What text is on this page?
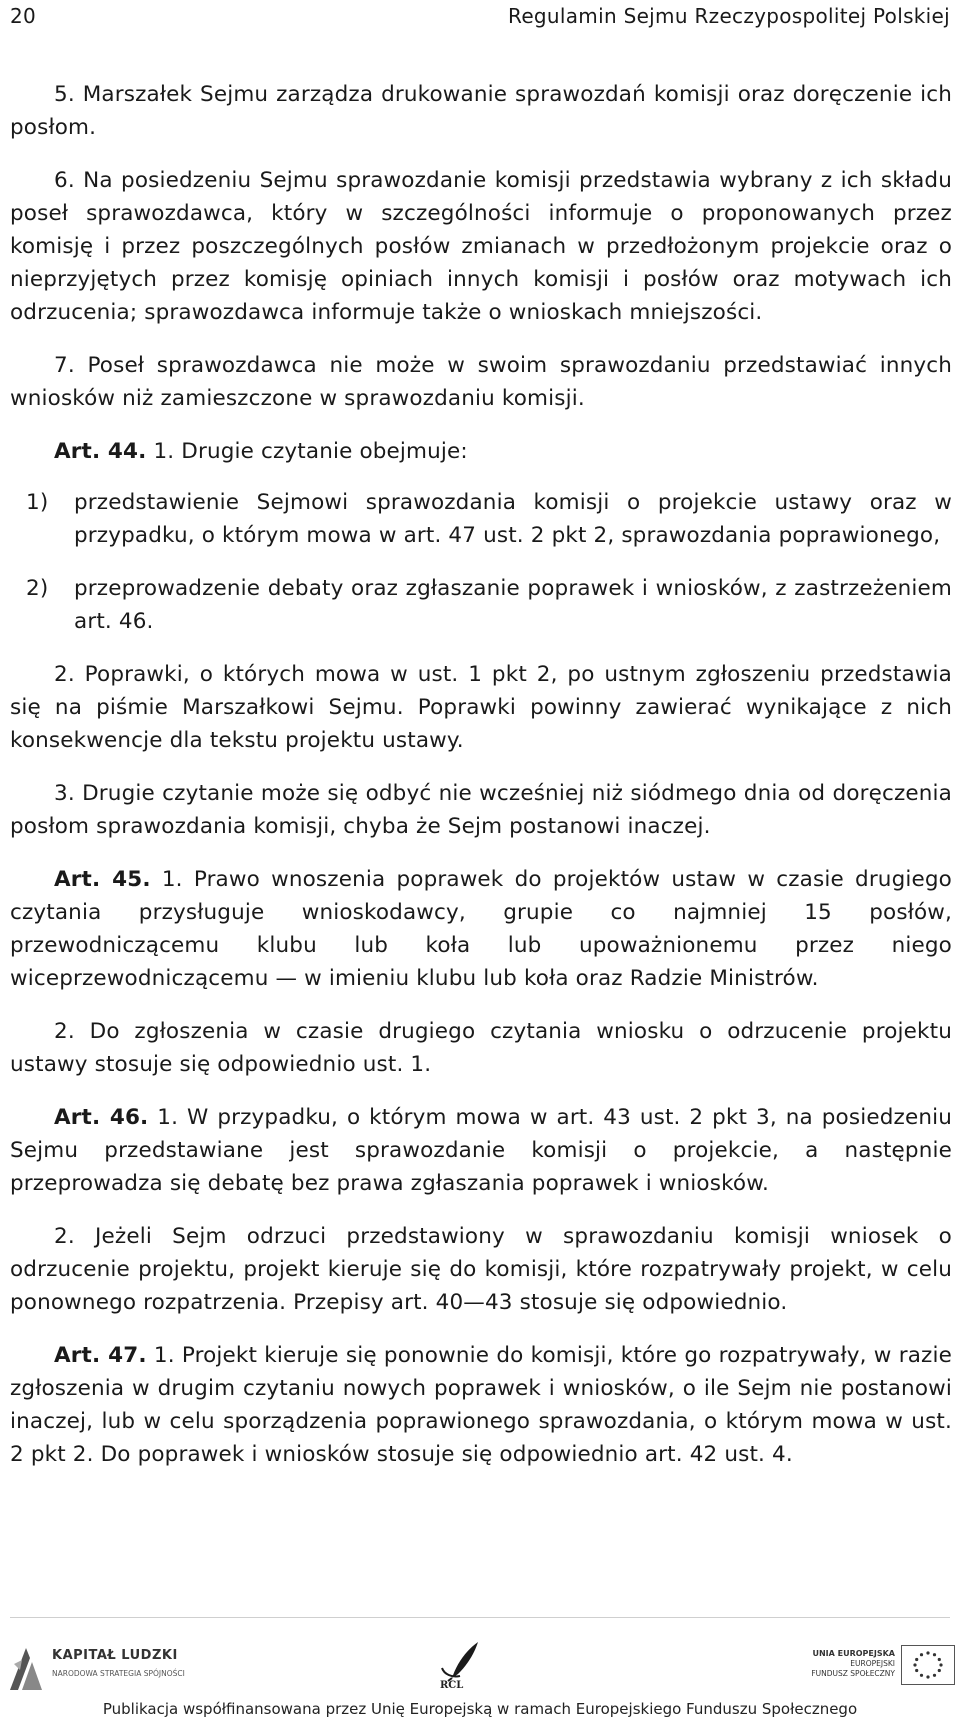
20	Regulamin Sejmu Rzeczypospolitej Polskiej

5. Marszałek Sejmu zarządza drukowanie sprawozdań komisji oraz doręczenie ich posłom.

6. Na posiedzeniu Sejmu sprawozdanie komisji przedstawia wybrany z ich składu poseł sprawozdawca, który w szczególności informuje o proponowanych przez komisję i przez poszczególnych posłów zmianach w przedłożonym projekcie oraz o nieprzyjętych przez komisję opiniach innych komisji i posłów oraz motywach ich odrzucenia; sprawozdawca informuje także o wnioskach mniejszości.

7. Poseł sprawozdawca nie może w swoim sprawozdaniu przedstawiać innych wniosków niż zamieszczone w sprawozdaniu komisji.

Art. 44. 1. Drugie czytanie obejmuje:

1)	przedstawienie Sejmowi sprawozdania komisji o projekcie ustawy oraz w przypadku, o którym mowa w art. 47 ust. 2 pkt 2, sprawozdania poprawionego,
2)	przeprowadzenie debaty oraz zgłaszanie poprawek i wniosków, z zastrzeżeniem art. 46.

2. Poprawki, o których mowa w ust. 1 pkt 2, po ustnym zgłoszeniu przedstawia się na piśmie Marszałkowi Sejmu. Poprawki powinny zawierać wynikające z nich konsekwencje dla tekstu projektu ustawy.

3. Drugie czytanie może się odbyć nie wcześniej niż siódmego dnia od doręczenia posłom sprawozdania komisji, chyba że Sejm postanowi inaczej.

Art. 45. 1. Prawo wnoszenia poprawek do projektów ustaw w czasie drugiego czytania przysługuje wnioskodawcy, grupie co najmniej 15 posłów, przewodniczącemu klubu lub koła lub upoważnionemu przez niego wiceprzewodniczącemu — w imieniu klubu lub koła oraz Radzie Ministrów.

2. Do zgłoszenia w czasie drugiego czytania wniosku o odrzucenie projektu ustawy stosuje się odpowiednio ust. 1.

Art. 46. 1. W przypadku, o którym mowa w art. 43 ust. 2 pkt 3, na posiedzeniu Sejmu przedstawiane jest sprawozdanie komisji o projekcie, a następnie przeprowadza się debatę bez prawa zgłaszania poprawek i wniosków.

2. Jeżeli Sejm odrzuci przedstawiony w sprawozdaniu komisji wniosek o odrzucenie projektu, projekt kieruje się do komisji, które rozpatrywały projekt, w celu ponownego rozpatrzenia. Przepisy art. 40—43 stosuje się odpowiednio.

Art. 47. 1. Projekt kieruje się ponownie do komisji, które go rozpatrywały, w razie zgłoszenia w drugim czytaniu nowych poprawek i wniosków, o ile Sejm nie postanowi inaczej, lub w celu sporządzenia poprawionego sprawozdania, o którym mowa w ust. 2 pkt 2. Do poprawek i wniosków stosuje się odpowiednio art. 42 ust. 4.

KAPITAŁ LUDZKI
NARODOWA STRATEGIA SPÓJNOŚCI
RCL
UNIA EUROPEJSKA
EUROPEJSKI
FUNDUSZ SPOŁECZNY
Publikacja współfinansowana przez Unię Europejską w ramach Europejskiego Funduszu Społecznego
